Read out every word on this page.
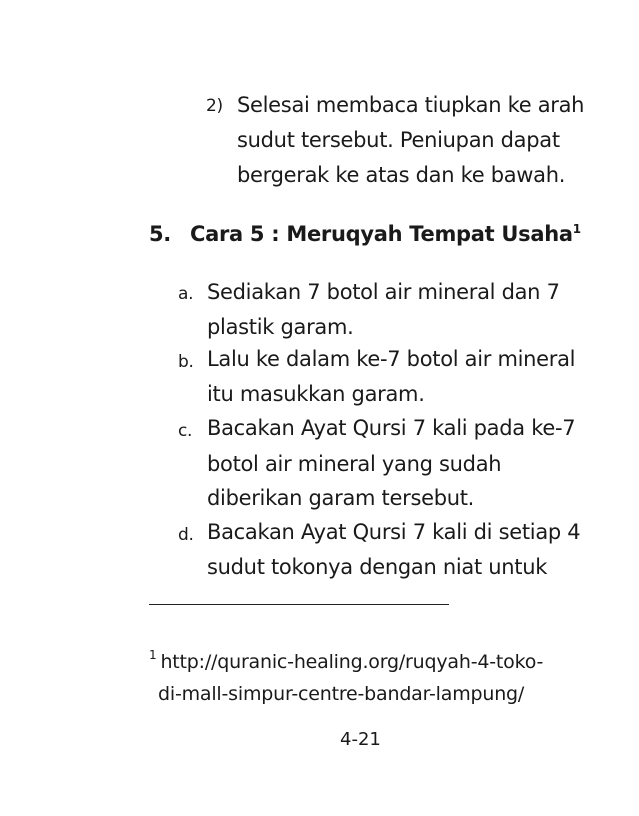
2) Selesai membaca tiupkan ke arah
sudut tersebut. Peniupan dapat
bergerak ke atas dan ke bawah.
5. Cara 5 : Meruqyah Tempat Usaha$^1$
a. Sediakan 7 botol air mineral dan 7
plastik garam.
b. Lalu ke dalam ke-7 botol air mineral
itu masukkan garam.
c. Bacakan Ayat Qursi 7 kali pada ke-7
botol air mineral yang sudah
diberikan garam tersebut.
d. Bacakan Ayat Qursi 7 kali di setiap 4
sudut tokonya dengan niat untuk
$^1$ http://quranic-healing.org/ruqyah-4-toko-
di-mall-simpur-centre-bandar-lampung/
4-21
